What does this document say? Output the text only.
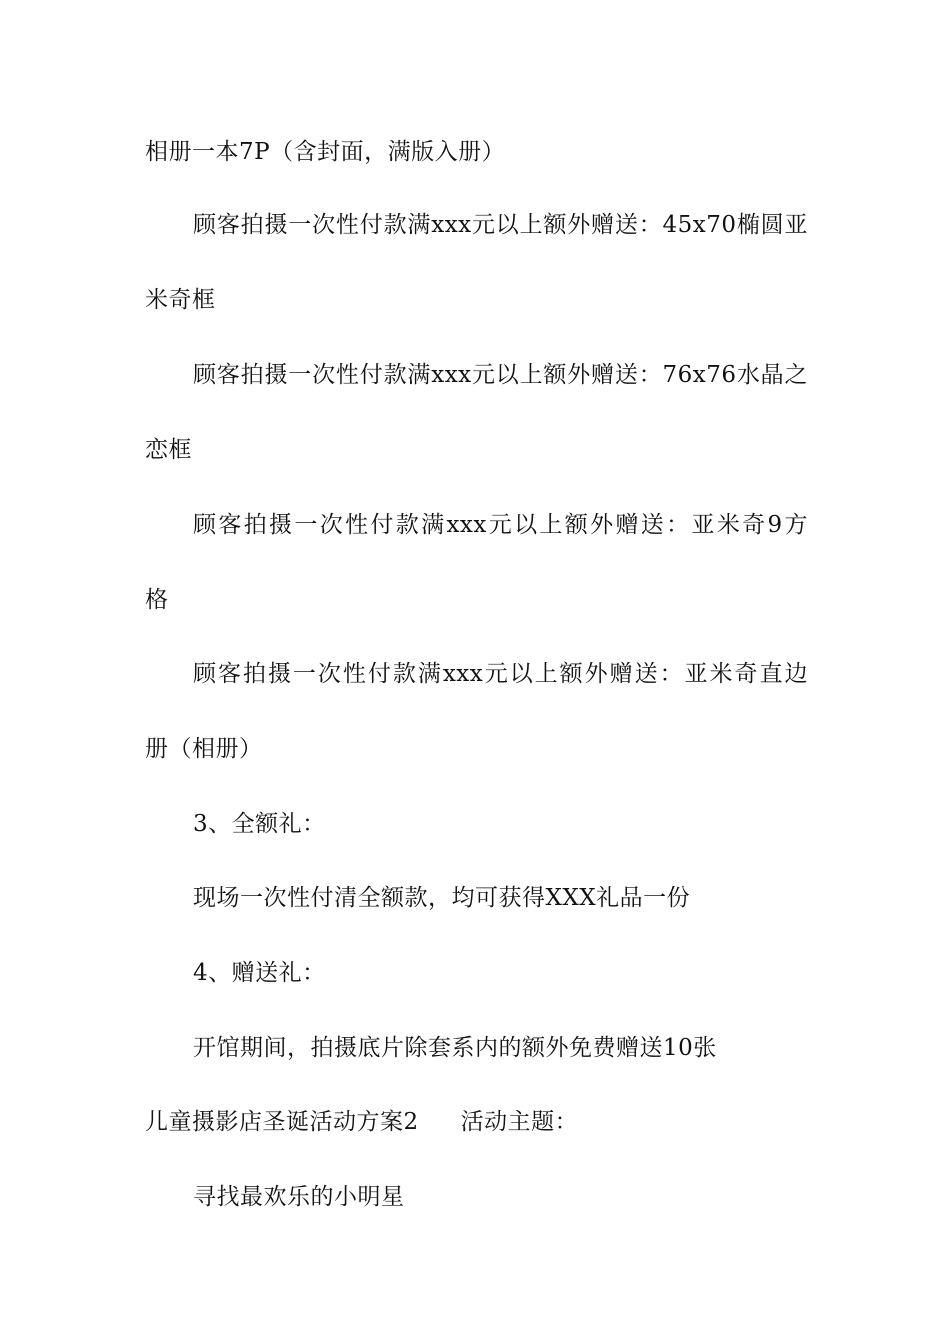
相册一本7P（含封面，满版入册）
顾客拍摄一次性付款满xxx元以上额外赠送：45x70椭圆亚
米奇框
顾客拍摄一次性付款满xxx元以上额外赠送：76x76水晶之
恋框
顾客拍摄一次性付款满xxx元以上额外赠送：亚米奇9方
格
顾客拍摄一次性付款满xxx元以上额外赠送：亚米奇直边
册（相册）
3、全额礼：
现场一次性付清全额款，均可获得XXX礼品一份
4、赠送礼：
开馆期间，拍摄底片除套系内的额外免费赠送10张
儿童摄影店圣诞活动方案2 活动主题：
寻找最欢乐的小明星
